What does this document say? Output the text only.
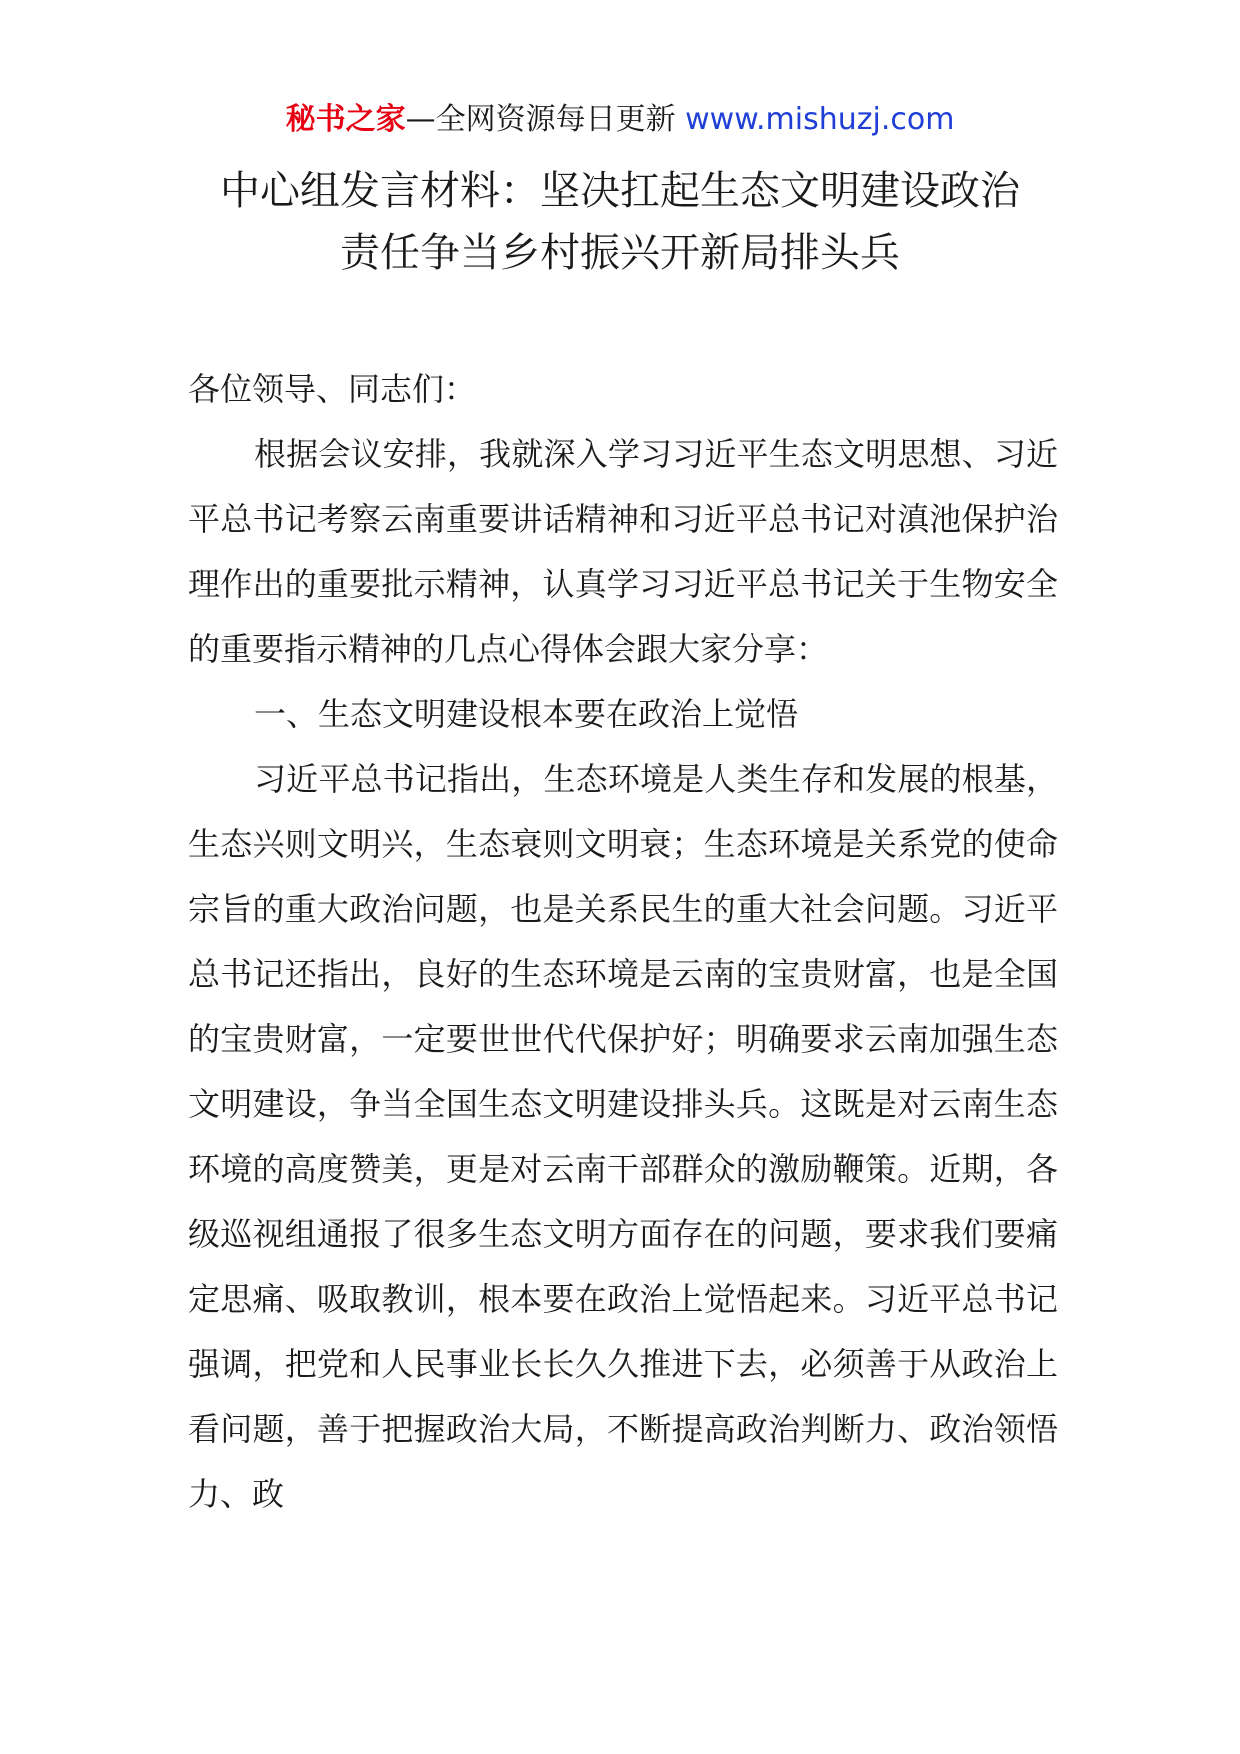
秘书之家—全网资源每日更新 www.mishuzj.com
中心组发言材料：坚决扛起生态文明建设政治
责任争当乡村振兴开新局排头兵

各位领导、同志们：

根据会议安排，我就深入学习习近平生态文明思想、习近平总书记考察云南重要讲话精神和习近平总书记对滇池保护治理作出的重要批示精神，认真学习习近平总书记关于生物安全的重要指示精神的几点心得体会跟大家分享：

一、生态文明建设根本要在政治上觉悟

习近平总书记指出，生态环境是人类生存和发展的根基，生态兴则文明兴，生态衰则文明衰；生态环境是关系党的使命宗旨的重大政治问题，也是关系民生的重大社会问题。习近平总书记还指出，良好的生态环境是云南的宝贵财富，也是全国的宝贵财富，一定要世世代代保护好；明确要求云南加强生态文明建设，争当全国生态文明建设排头兵。这既是对云南生态环境的高度赞美，更是对云南干部群众的激励鞭策。近期，各级巡视组通报了很多生态文明方面存在的问题，要求我们要痛定思痛、吸取教训，根本要在政治上觉悟起来。习近平总书记强调，把党和人民事业长长久久推进下去，必须善于从政治上看问题，善于把握政治大局，不断提高政治判断力、政治领悟力、政
